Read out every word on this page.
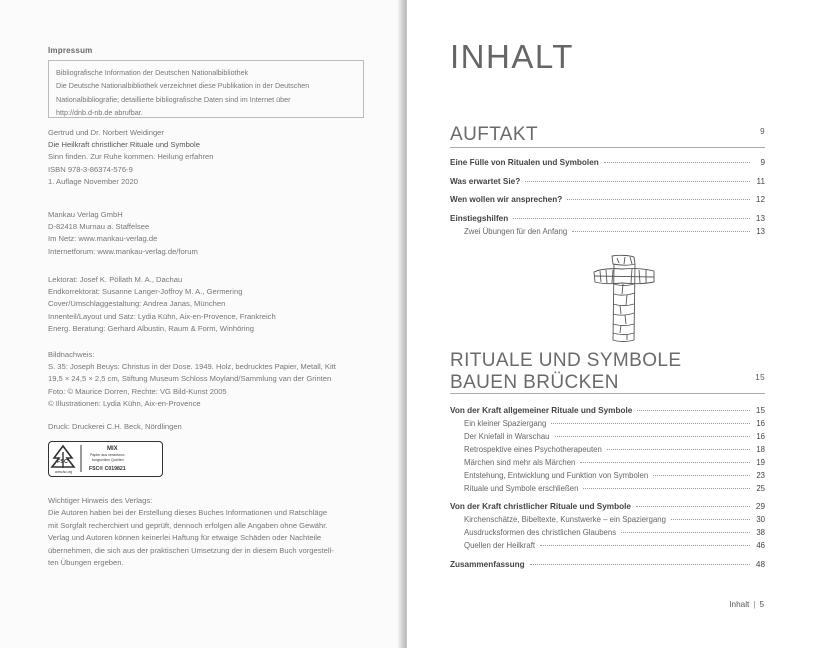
Impressum

Bibliografische Information der Deutschen Nationalbibliothek

Die Deutsche Nationalbibliothek verzeichnet diese Publikation in der Deutschen

Nationalbibliografie; detaillierte bibliografische Daten sind im Internet über

http://dnb.d-nb.de abrufbar.

Gertrud und Dr. Norbert Weidinger

Die Heilkraft christlicher Rituale und Symbole

Sinn finden. Zur Ruhe kommen. Heilung erfahren

ISBN 978-3-86374-576-9

1. Auflage November 2020

Mankau Verlag GmbH

D-82418 Murnau a. Staffelsee

Im Netz: www.mankau-verlag.de

Internetforum: www.mankau-verlag.de/forum

Lektorat: Josef K. Pöllath M. A., Dachau

Endkorrektorat: Susanne Langer-Joffroy M. A., Germering

Cover/Umschlaggestaltung: Andrea Janas, München

Innenteil/Layout und Satz: Lydia Kühn, Aix-en-Provence, Frankreich

Energ. Beratung: Gerhard Albustin, Raum & Form, Winhöring

Bildnachweis:

S. 35: Joseph Beuys: Christus in der Dose. 1949. Holz, bedrucktes Papier, Metall, Kitt

19,5 × 24,5 × 2,5 cm, Stiftung Museum Schloss Moyland/Sammlung van der Grinten

Foto: © Maurice Dorren, Rechte: VG Bild-Kunst 2005

© Illustrationen: Lydia Kühn, Aix-en-Provence

Druck: Druckerei C.H. Beck, Nördlingen

FSC
www.fsc.org
MIX
Papier aus verantwor-
tungsvollen Quellen
FSC® C019821

Wichtiger Hinweis des Verlags:

Die Autoren haben bei der Erstellung dieses Buches Informationen und Ratschläge

mit Sorgfalt recherchiert und geprüft, dennoch erfolgen alle Angaben ohne Gewähr.

Verlag und Autoren können keinerlei Haftung für etwaige Schäden oder Nachteile

übernehmen, die sich aus der praktischen Umsetzung der in diesem Buch vorgestell-

ten Übungen ergeben.

INHALT
AUFTAKT	9
Eine Fülle von Ritualen und Symbolen	9
Was erwartet Sie?	11
Wen wollen wir ansprechen?	12
Einstiegshilfen	13
Zwei Übungen für den Anfang	13
RITUALE UND SYMBOLE
BAUEN BRÜCKEN	15
Von der Kraft allgemeiner Rituale und Symbole	15
Ein kleiner Spaziergang	16
Der Kniefall in Warschau	16
Retrospektive eines Psychotherapeuten	18
Märchen sind mehr als Märchen	19
Entstehung, Entwicklung und Funktion von Symbolen	23
Rituale und Symbole erschließen	25
Von der Kraft christlicher Rituale und Symbole	29
Kirchenschätze, Bibeltexte, Kunstwerke – ein Spaziergang	30
Ausdrucksformen des christlichen Glaubens	38
Quellen der Heilkraft	46
Zusammenfassung	48
Inhalt | 5
